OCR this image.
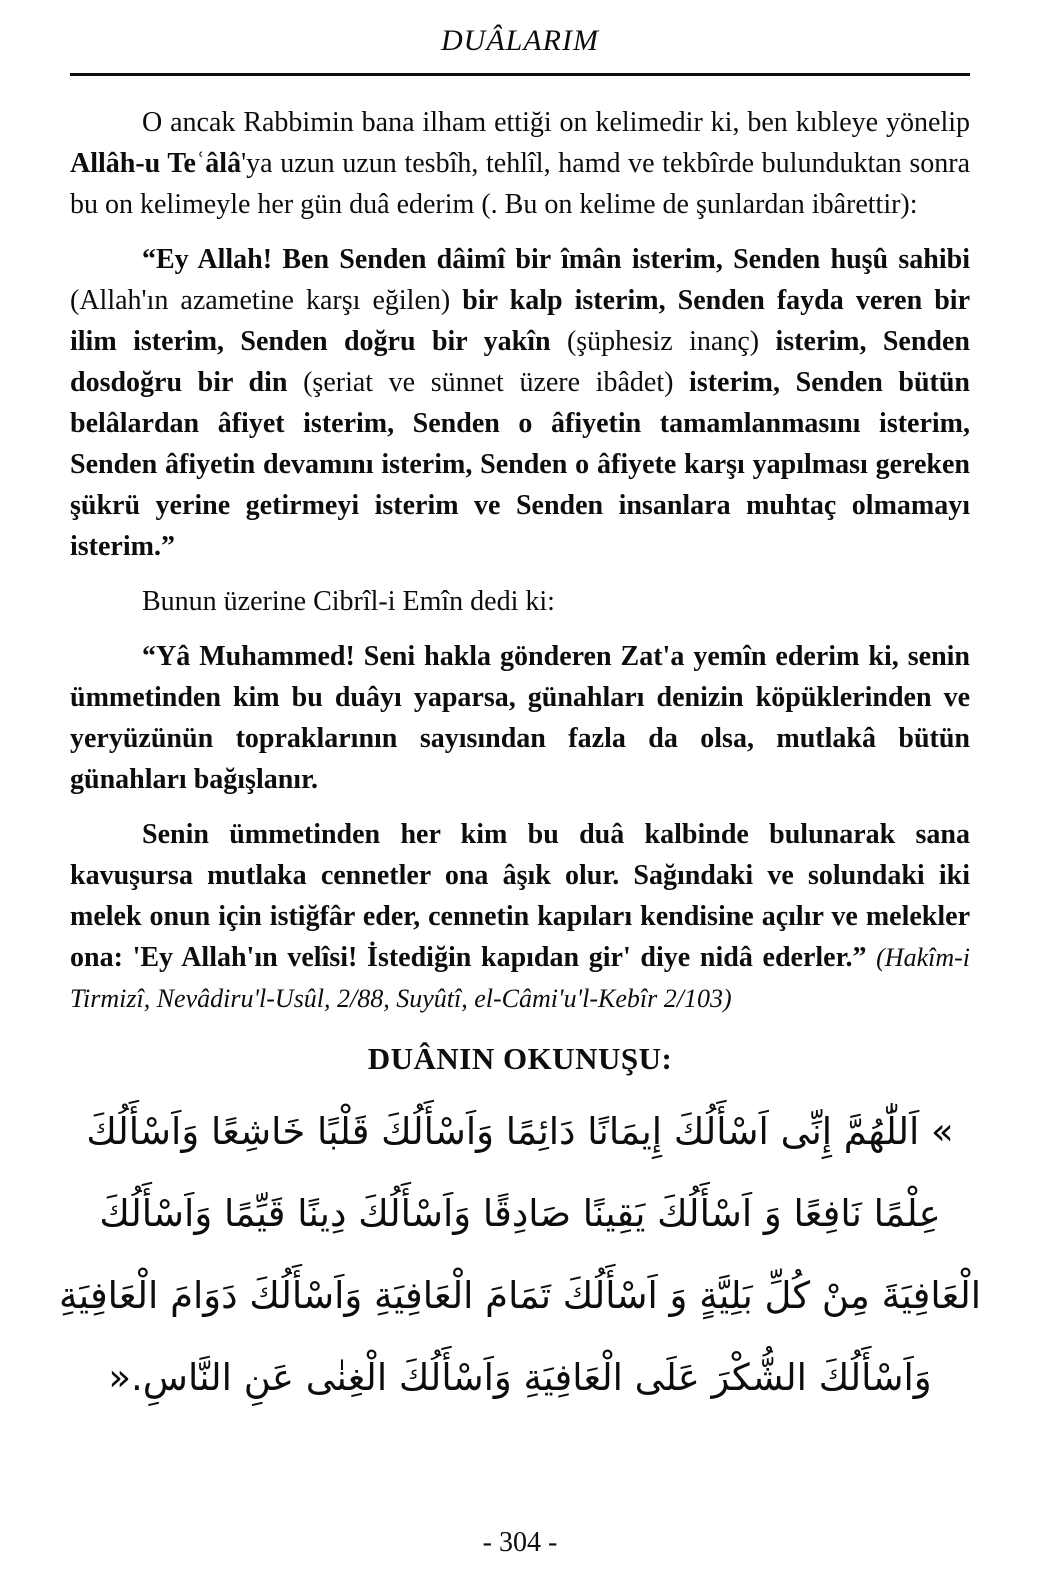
DUÂLARIM

O ancak Rabbimin bana ilham ettiği on kelimedir ki, ben kıbleye yönelip Allâh-u Teʿâlâ'ya uzun uzun tesbîh, tehlîl, hamd ve tekbîrde bulunduktan sonra bu on kelimeyle her gün duâ ederim (. Bu on kelime de şunlardan ibârettir):

“Ey Allah! Ben Senden dâimî bir îmân isterim, Senden huşû sahibi (Allah'ın azametine karşı eğilen) bir kalp isterim, Senden fayda veren bir ilim isterim, Senden doğru bir yakîn (şüphesiz inanç) isterim, Senden dosdoğru bir din (şeriat ve sünnet üzere ibâdet) isterim, Senden bütün belâlardan âfiyet isterim, Senden o âfiyetin tamamlanmasını isterim, Senden âfiyetin devamını isterim, Senden o âfiyete karşı yapılması gereken şükrü yerine getirmeyi isterim ve Senden insanlara muhtaç olmamayı isterim.”

Bunun üzerine Cibrîl-i Emîn dedi ki:

“Yâ Muhammed! Seni hakla gönderen Zat'a yemîn ederim ki, senin ümmetinden kim bu duâyı yaparsa, günahları denizin köpüklerinden ve yeryüzünün topraklarının sayısından fazla da olsa, mutlakâ bütün günahları bağışlanır.

Senin ümmetinden her kim bu duâ kalbinde bulunarak sana kavuşursa mutlaka cennetler ona âşık olur. Sağındaki ve solundaki iki melek onun için istiğfâr eder, cennetin kapıları kendisine açılır ve melekler ona: 'Ey Allah'ın velîsi! İstediğin kapıdan gir' diye nidâ ederler.” (Hakîm-i Tirmizî, Nevâdiru'l-Usûl, 2/88, Suyûtî, el-Câmi'u'l-Kebîr 2/103)

DUÂNIN OKUNUŞU:
» اَللّٰهُمَّ إِنِّى اَسْأَلُكَ إِيمَانًا دَائِمًا وَاَسْأَلُكَ قَلْبًا خَاشِعًا وَاَسْأَلُكَ
عِلْمًا نَافِعًا وَ اَسْأَلُكَ يَقِينًا صَادِقًا وَاَسْأَلُكَ دِينًا قَيِّمًا وَاَسْأَلُكَ
الْعَافِيَةَ مِنْ كُلِّ بَلِيَّةٍ وَ اَسْأَلُكَ تَمَامَ الْعَافِيَةِ وَاَسْأَلُكَ دَوَامَ الْعَافِيَةِ
وَاَسْأَلُكَ الشُّكْرَ عَلَى الْعَافِيَةِ وَاَسْأَلُكَ الْغِنٰى عَنِ النَّاسِ.«
- 304 -
